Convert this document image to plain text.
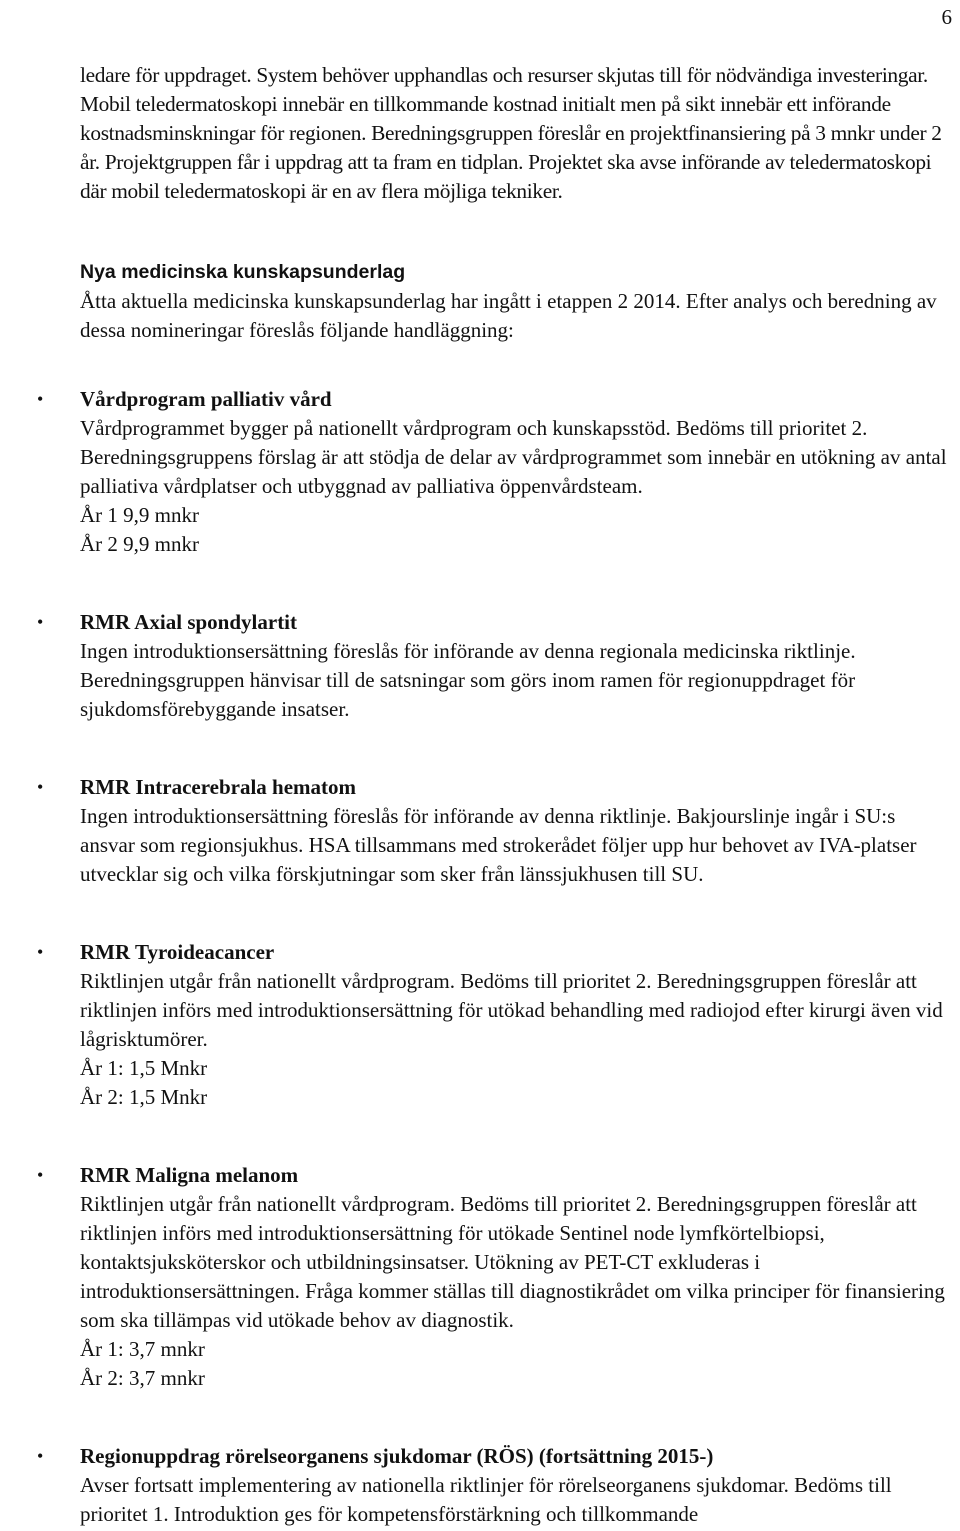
6

ledare för uppdraget. System behöver upphandlas och resurser skjutas till för nödvändiga investeringar. Mobil teledermatoskopi innebär en tillkommande kostnad initialt men på sikt innebär ett införande kostnadsminskningar för regionen. Beredningsgruppen föreslår en projektfinansiering på 3 mnkr under 2 år. Projektgruppen får i uppdrag att ta fram en tidplan. Projektet ska avse införande av teledermatoskopi där mobil teledermatoskopi är en av flera möjliga tekniker.

Nya medicinska kunskapsunderlag

Åtta aktuella medicinska kunskapsunderlag har ingått i etappen 2 2014. Efter analys och beredning av dessa nomineringar föreslås följande handläggning:

• Vårdprogram palliativ vård
Vårdprogrammet bygger på nationellt vårdprogram och kunskapsstöd. Bedöms till prioritet 2. Beredningsgruppens förslag är att stödja de delar av vårdprogrammet som innebär en utökning av antal palliativa vårdplatser och utbyggnad av palliativa öppenvårdsteam.
År 1 9,9 mnkr
År 2 9,9 mnkr
• RMR Axial spondylartit
Ingen introduktionsersättning föreslås för införande av denna regionala medicinska riktlinje. Beredningsgruppen hänvisar till de satsningar som görs inom ramen för regionuppdraget för sjukdomsförebyggande insatser.
• RMR Intracerebrala hematom
Ingen introduktionsersättning föreslås för införande av denna riktlinje. Bakjourslinje ingår i SU:s ansvar som regionsjukhus. HSA tillsammans med strokerådet följer upp hur behovet av IVA-platser utvecklar sig och vilka förskjutningar som sker från länssjukhusen till SU.
• RMR Tyroideacancer
Riktlinjen utgår från nationellt vårdprogram. Bedöms till prioritet 2. Beredningsgruppen föreslår att riktlinjen införs med introduktionsersättning för utökad behandling med radiojod efter kirurgi även vid lågrisktumörer.
År 1: 1,5 Mnkr
År 2: 1,5 Mnkr
• RMR Maligna melanom
Riktlinjen utgår från nationellt vårdprogram. Bedöms till prioritet 2. Beredningsgruppen föreslår att riktlinjen införs med introduktionsersättning för utökade Sentinel node lymfkörtelbiopsi, kontaktsjuksköterskor och utbildningsinsatser. Utökning av PET-CT exkluderas i introduktionsersättningen. Fråga kommer ställas till diagnostikrådet om vilka principer för finansiering som ska tillämpas vid utökade behov av diagnostik.
År 1: 3,7 mnkr
År 2: 3,7 mnkr
• Regionuppdrag rörelseorganens sjukdomar (RÖS) (fortsättning 2015-)
Avser fortsatt implementering av nationella riktlinjer för rörelseorganens sjukdomar. Bedöms till prioritet 1. Introduktion ges för kompetensförstärkning och tillkommande
